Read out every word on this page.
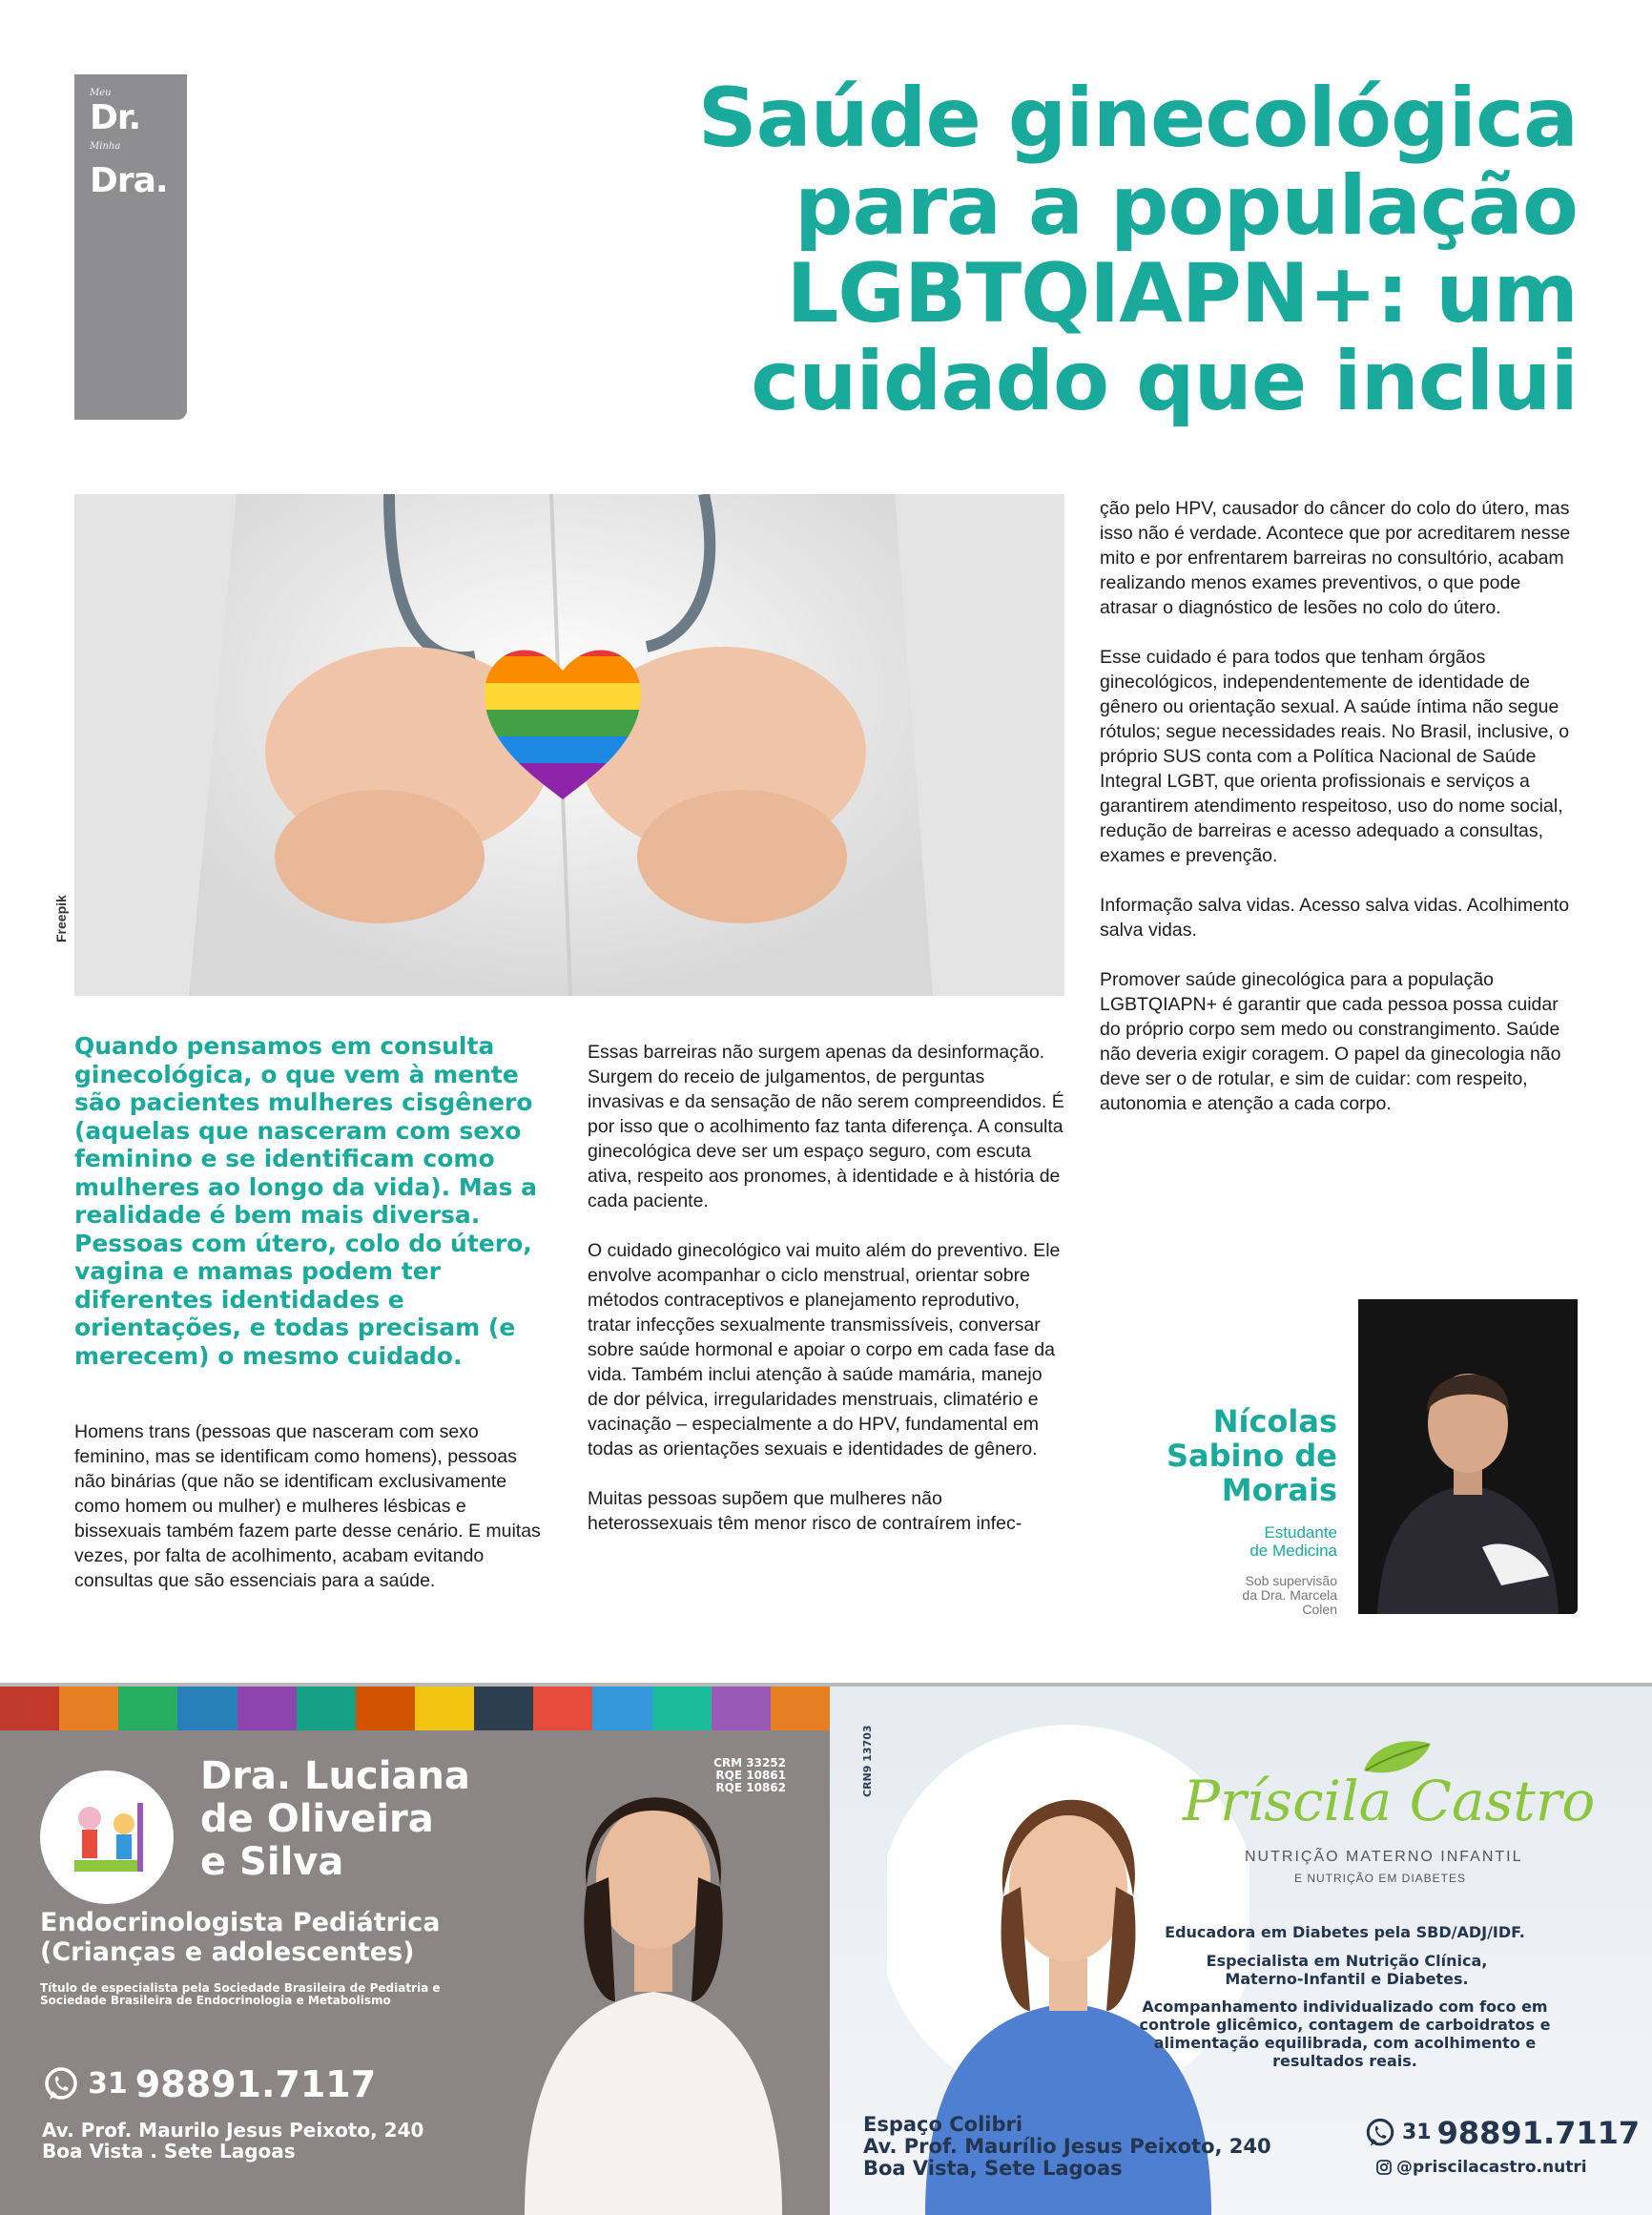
Meu
Dr.
Minha
Dra.
Saúde ginecológica
para a população
LGBTQIAPN+: um
cuidado que inclui
Freepik
Quando pensamos em consulta ginecológica, o que vem à mente são pacientes mulheres cisgênero (aquelas que nasceram com sexo feminino e se identificam como mulheres ao longo da vida). Mas a realidade é bem mais diversa. Pessoas com útero, colo do útero, vagina e mamas podem ter diferentes identidades e orientações, e todas precisam (e merecem) o mesmo cuidado.

Homens trans (pessoas que nasceram com sexo feminino, mas se identificam como homens), pessoas não binárias (que não se identificam exclusivamente como homem ou mulher) e mulheres lésbicas e bissexuais também fazem parte desse cenário. E muitas vezes, por falta de acolhimento, acabam evitando consultas que são essenciais para a saúde.

Essas barreiras não surgem apenas da desinformação. Surgem do receio de julgamentos, de perguntas invasivas e da sensação de não serem compreendidos. É por isso que o acolhimento faz tanta diferença. A consulta ginecológica deve ser um espaço seguro, com escuta ativa, respeito aos pronomes, à identidade e à história de cada paciente.

O cuidado ginecológico vai muito além do preventivo. Ele envolve acompanhar o ciclo menstrual, orientar sobre métodos contraceptivos e planejamento reprodutivo, tratar infecções sexualmente transmissíveis, conversar sobre saúde hormonal e apoiar o corpo em cada fase da vida. Também inclui atenção à saúde mamária, manejo de dor pélvica, irregularidades menstruais, climatério e vacinação – especialmente a do HPV, fundamental em todas as orientações sexuais e identidades de gênero.

Muitas pessoas supõem que mulheres não heterossexuais têm menor risco de contraírem infec-

ção pelo HPV, causador do câncer do colo do útero, mas isso não é verdade. Acontece que por acreditarem nesse mito e por enfrentarem barreiras no consultório, acabam realizando menos exames preventivos, o que pode atrasar o diagnóstico de lesões no colo do útero.

Esse cuidado é para todos que tenham órgãos ginecológicos, independentemente de identidade de gênero ou orientação sexual. A saúde íntima não segue rótulos; segue necessidades reais. No Brasil, inclusive, o próprio SUS conta com a Política Nacional de Saúde Integral LGBT, que orienta profissionais e serviços a garantirem atendimento respeitoso, uso do nome social, redução de barreiras e acesso adequado a consultas, exames e prevenção.

Informação salva vidas. Acesso salva vidas. Acolhimento salva vidas.

Promover saúde ginecológica para a população LGBTQIAPN+ é garantir que cada pessoa possa cuidar do próprio corpo sem medo ou constrangimento. Saúde não deveria exigir coragem. O papel da ginecologia não deve ser o de rotular, e sim de cuidar: com respeito, autonomia e atenção a cada corpo.

Nícolas
Sabino de
Morais
Estudante
de Medicina
Sob supervisão
da Dra. Marcela
Colen
Dra. Luciana
de Oliveira
e Silva
CRM 33252
RQE 10861
RQE 10862
Endocrinologista Pediátrica
(Crianças e adolescentes)
Título de especialista pela Sociedade Brasileira de Pediatria e Sociedade Brasileira de Endocrinologia e Metabolismo
31 98891.7117
Av. Prof. Maurilo Jesus Peixoto, 240
Boa Vista . Sete Lagoas
CRN9 13703
Príscila Castro
NUTRIÇÃO MATERNO INFANTIL
E NUTRIÇÃO EM DIABETES
Educadora em Diabetes pela SBD/ADJ/IDF.
Especialista em Nutrição Clínica, Materno-Infantil e Diabetes.
Acompanhamento individualizado com foco em controle glicêmico, contagem de carboidratos e alimentação equilibrada, com acolhimento e resultados reais.
Espaço Colibri
Av. Prof. Maurílio Jesus Peixoto, 240
Boa Vista, Sete Lagoas
31 98891.7117
@priscilacastro.nutri
